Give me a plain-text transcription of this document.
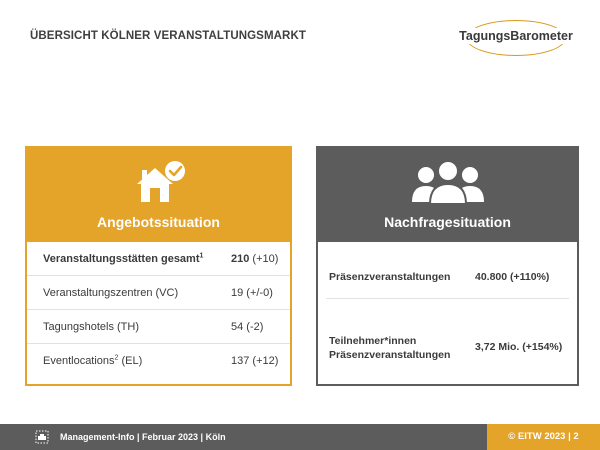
ÜBERSICHT KÖLNER VERANSTALTUNGSMARKT	TagungsBarometer
Angebotssituation
Veranstaltungsstätten gesamt$^1$	210 (+10)
Veranstaltungszentren (VC)	19 (+/-0)
Tagungshotels (TH)	54 (-2)
Eventlocations$^2$ (EL)	137 (+12)
Nachfragesituation
Präsenzveranstaltungen 40.800 (+110%)
Teilnehmer*innen
Präsenzveranstaltungen
3,72 Mio. (+154%)
Management-Info | Februar 2023 | Köln	© EITW 2023 | 2
